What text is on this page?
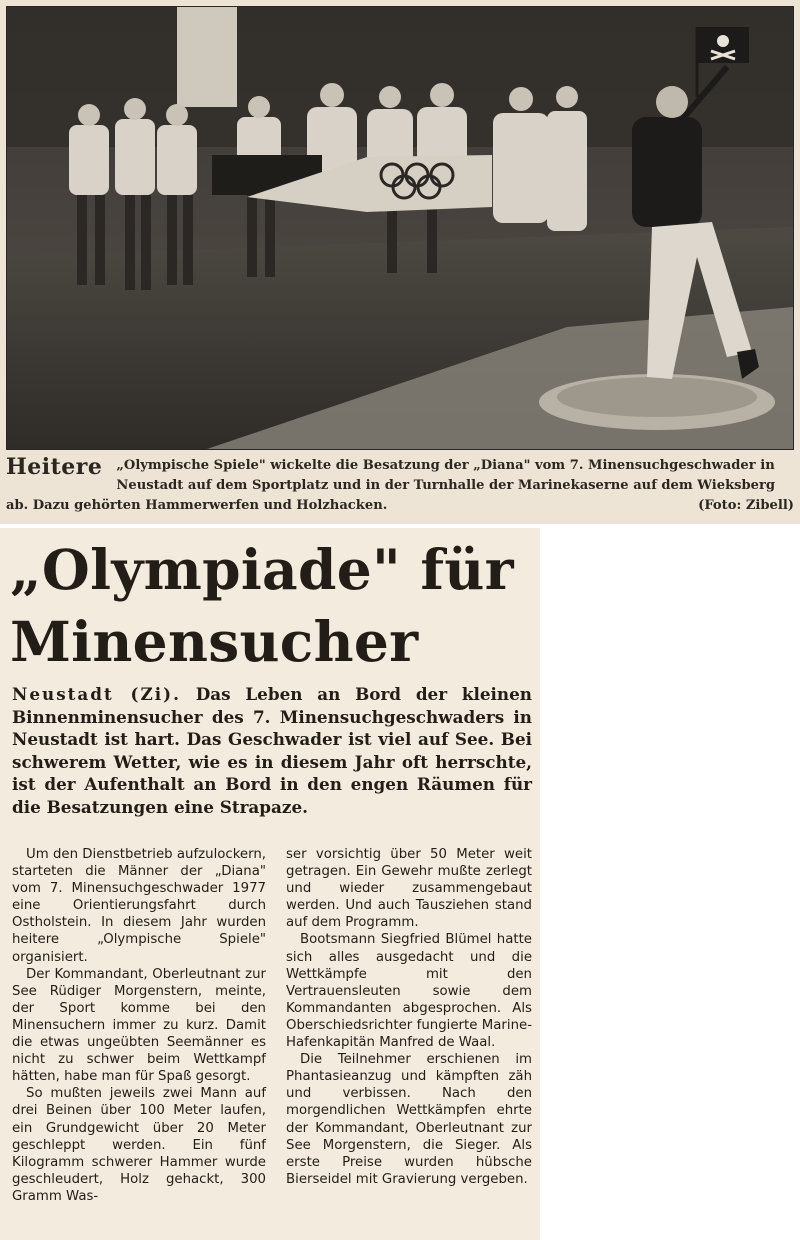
Heitere „Olympische Spiele" wickelte die Besatzung der „Diana" vom 7. Minensuchgeschwader in Neustadt auf dem Sportplatz und in der Turnhalle der Marinekaserne auf dem Wieksberg ab. Dazu gehörten Hammerwerfen und Holzhacken.	(Foto: Zibell)
„Olympiade" für
Minensucher
Neustadt (Zi). Das Leben an Bord der kleinen Binnenminensucher des 7. Minensuchgeschwaders in Neustadt ist hart. Das Geschwader ist viel auf See. Bei schwerem Wetter, wie es in diesem Jahr oft herrschte, ist der Aufenthalt an Bord in den engen Räumen für die Besatzungen eine Strapaze.

Um den Dienstbetrieb aufzulockern, starteten die Männer der „Diana" vom 7. Minensuchgeschwader 1977 eine Orientierungsfahrt durch Ostholstein. In diesem Jahr wurden heitere „Olympische Spiele" organisiert.

Der Kommandant, Oberleutnant zur See Rüdiger Morgenstern, meinte, der Sport komme bei den Minensuchern immer zu kurz. Damit die etwas ungeübten Seemänner es nicht zu schwer beim Wettkampf hätten, habe man für Spaß gesorgt.

So mußten jeweils zwei Mann auf drei Beinen über 100 Meter laufen, ein Grundgewicht über 20 Meter geschleppt werden. Ein fünf Kilogramm schwerer Hammer wurde geschleudert, Holz gehackt, 300 Gramm Was-

ser vorsichtig über 50 Meter weit getragen. Ein Gewehr mußte zerlegt und wieder zusammengebaut werden. Und auch Tausziehen stand auf dem Programm.

Bootsmann Siegfried Blümel hatte sich alles ausgedacht und die Wettkämpfe mit den Vertrauensleuten sowie dem Kommandanten abgesprochen. Als Oberschiedsrichter fungierte Marine-Hafenkapitän Manfred de Waal.

Die Teilnehmer erschienen im Phantasieanzug und kämpften zäh und verbissen. Nach den morgendlichen Wettkämpfen ehrte der Kommandant, Oberleutnant zur See Morgenstern, die Sieger. Als erste Preise wurden hübsche Bierseidel mit Gravierung vergeben.
